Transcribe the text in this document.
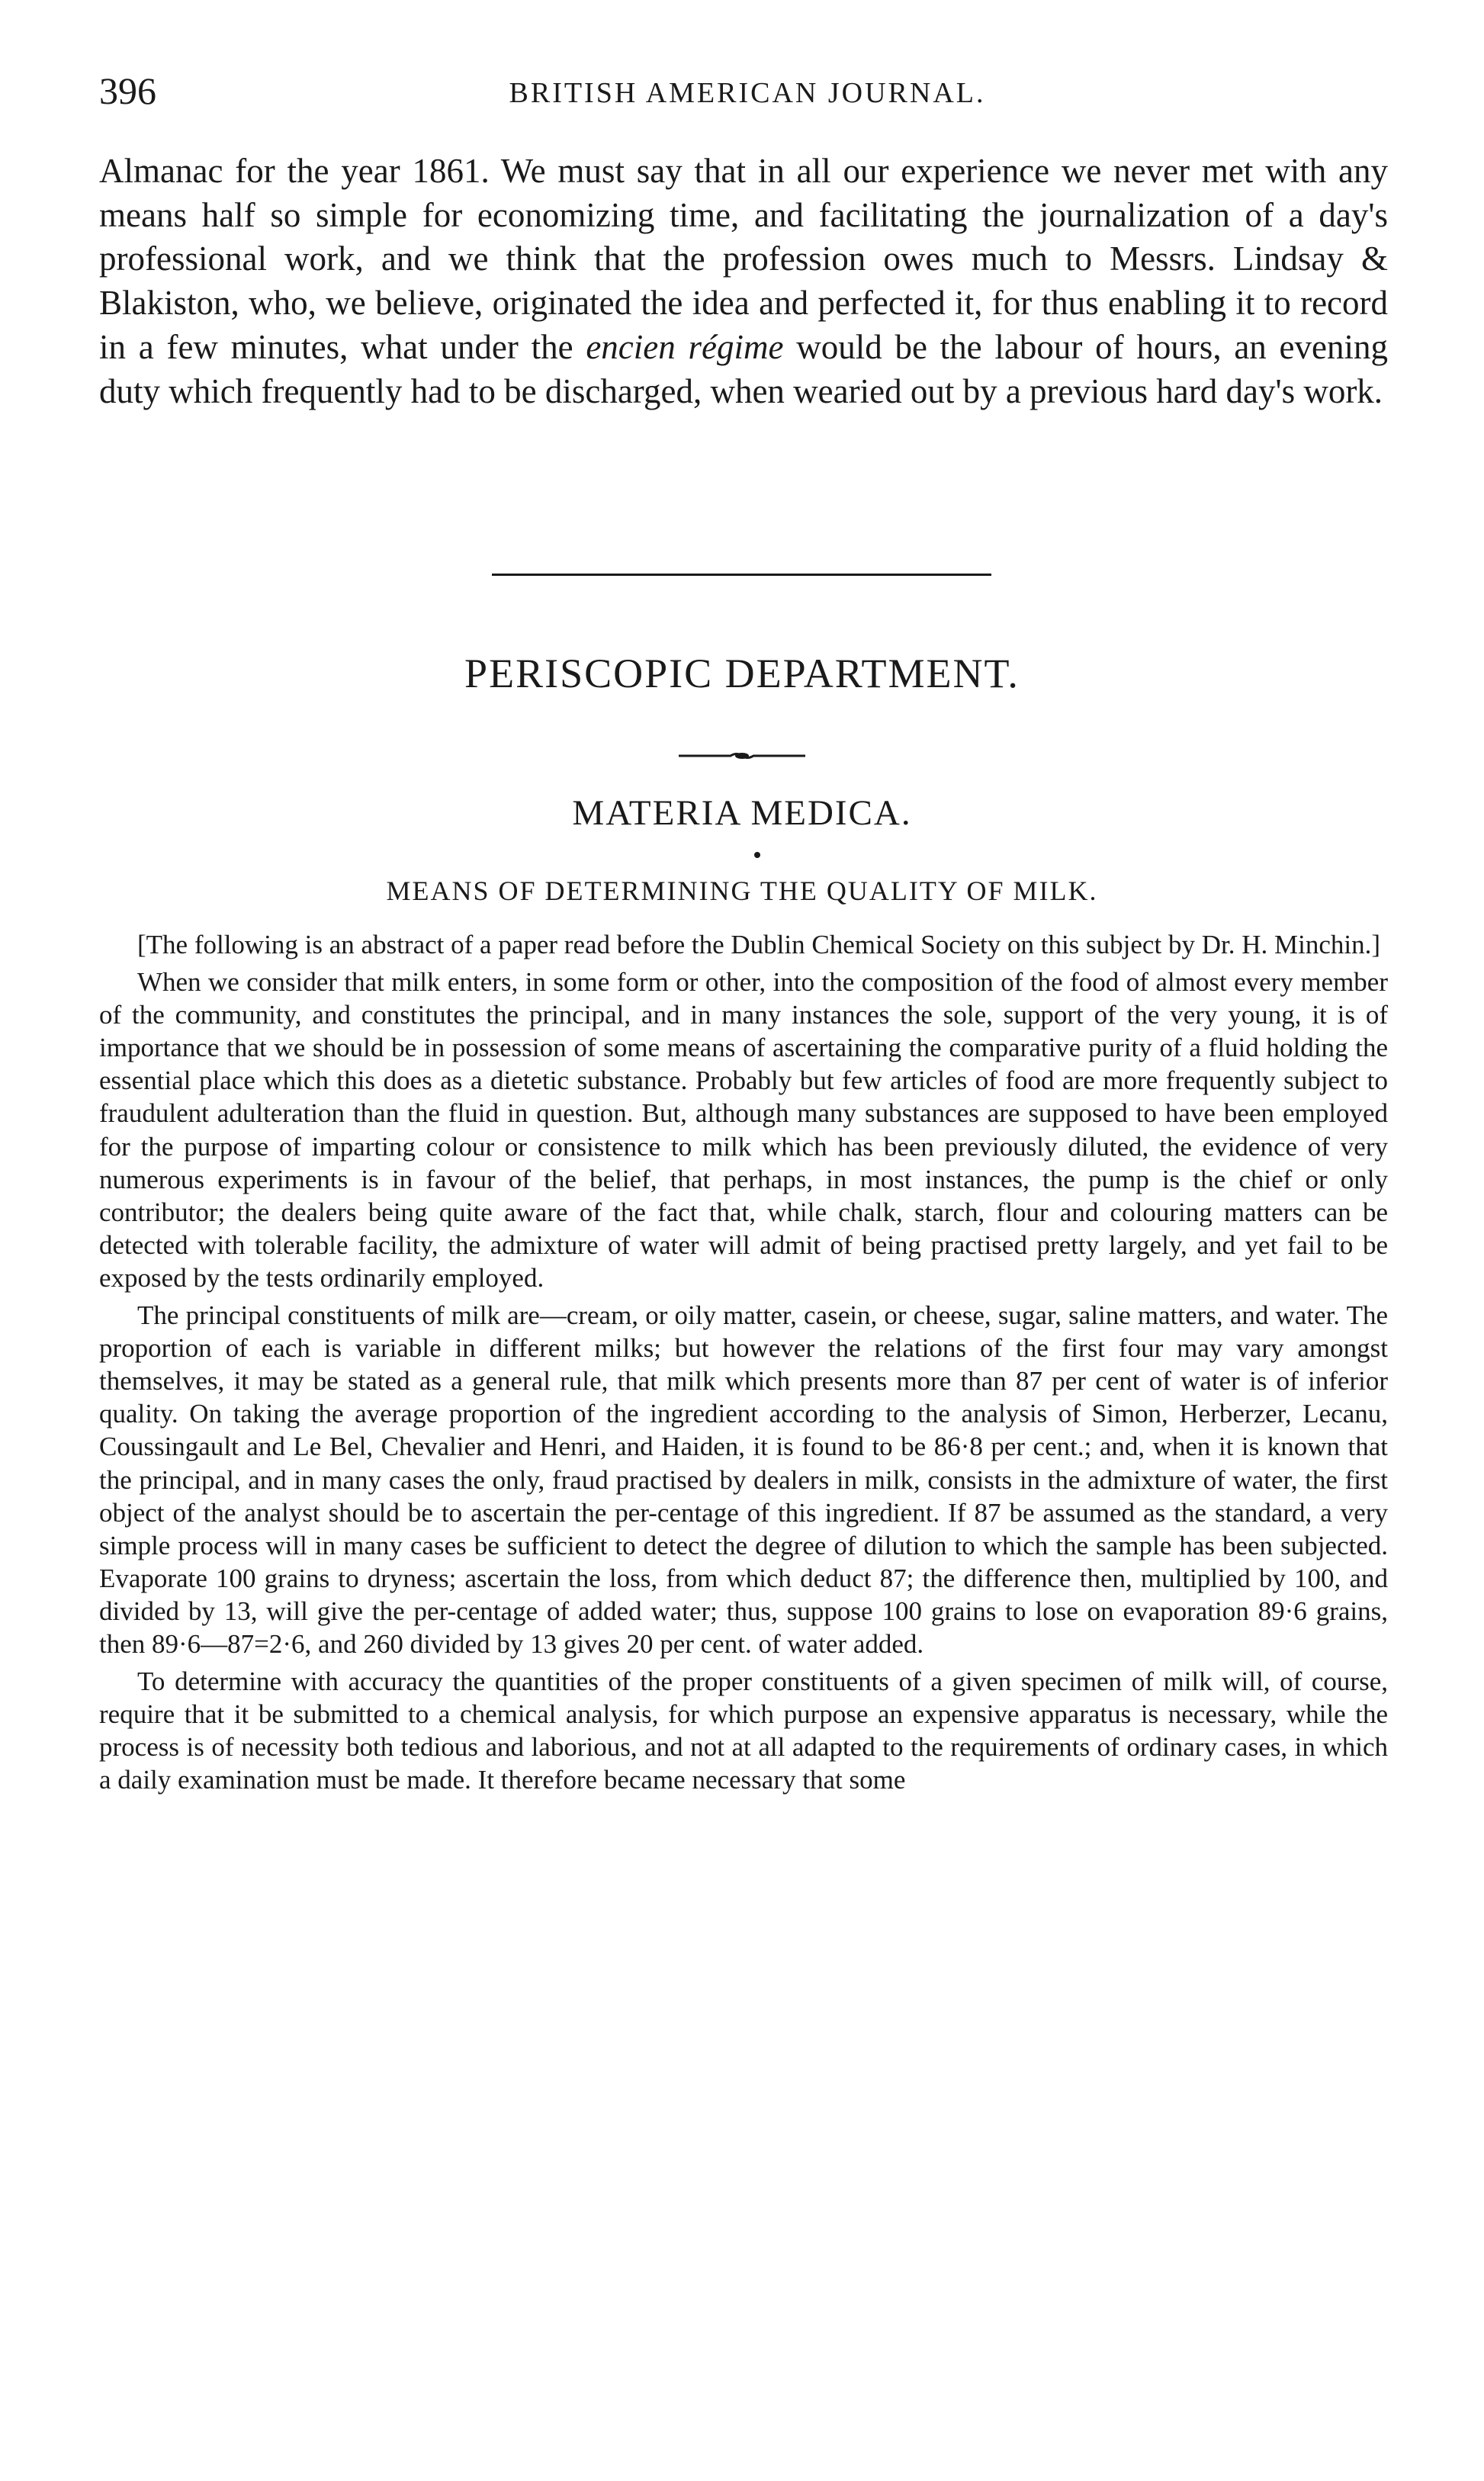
396	BRITISH AMERICAN JOURNAL.

Almanac for the year 1861. We must say that in all our experience we never met with any means half so simple for economizing time, and facilitating the journalization of a day's professional work, and we think that the profession owes much to Messrs. Lindsay & Blakiston, who, we believe, originated the idea and perfected it, for thus enabling it to record in a few minutes, what under the encien régime would be the labour of hours, an evening duty which frequently had to be discharged, when wearied out by a previous hard day's work.

PERISCOPIC DEPARTMENT.
MATERIA MEDICA.
MEANS OF DETERMINING THE QUALITY OF MILK.

[The following is an abstract of a paper read before the Dublin Chemical Society on this subject by Dr. H. Minchin.]

When we consider that milk enters, in some form or other, into the composition of the food of almost every member of the community, and constitutes the principal, and in many instances the sole, support of the very young, it is of importance that we should be in possession of some means of ascertaining the comparative purity of a fluid holding the essential place which this does as a dietetic substance. Probably but few articles of food are more frequently subject to fraudulent adulteration than the fluid in question. But, although many substances are supposed to have been employed for the purpose of imparting colour or consistence to milk which has been previously diluted, the evidence of very numerous experiments is in favour of the belief, that perhaps, in most instances, the pump is the chief or only contributor; the dealers being quite aware of the fact that, while chalk, starch, flour and colouring matters can be detected with tolerable facility, the admixture of water will admit of being practised pretty largely, and yet fail to be exposed by the tests ordinarily employed.

The principal constituents of milk are—cream, or oily matter, casein, or cheese, sugar, saline matters, and water. The proportion of each is variable in different milks; but however the relations of the first four may vary amongst themselves, it may be stated as a general rule, that milk which presents more than 87 per cent of water is of inferior quality. On taking the average proportion of the ingredient according to the analysis of Simon, Herberzer, Lecanu, Coussingault and Le Bel, Chevalier and Henri, and Haiden, it is found to be 86·8 per cent.; and, when it is known that the principal, and in many cases the only, fraud practised by dealers in milk, consists in the admixture of water, the first object of the analyst should be to ascertain the per-centage of this ingredient. If 87 be assumed as the standard, a very simple process will in many cases be sufficient to detect the degree of dilution to which the sample has been subjected. Evaporate 100 grains to dryness; ascertain the loss, from which deduct 87; the difference then, multiplied by 100, and divided by 13, will give the per-centage of added water; thus, suppose 100 grains to lose on evaporation 89·6 grains, then 89·6—87=2·6, and 260 divided by 13 gives 20 per cent. of water added.

To determine with accuracy the quantities of the proper constituents of a given specimen of milk will, of course, require that it be submitted to a chemical analysis, for which purpose an expensive apparatus is necessary, while the process is of necessity both tedious and laborious, and not at all adapted to the requirements of ordinary cases, in which a daily examination must be made. It therefore became necessary that some
